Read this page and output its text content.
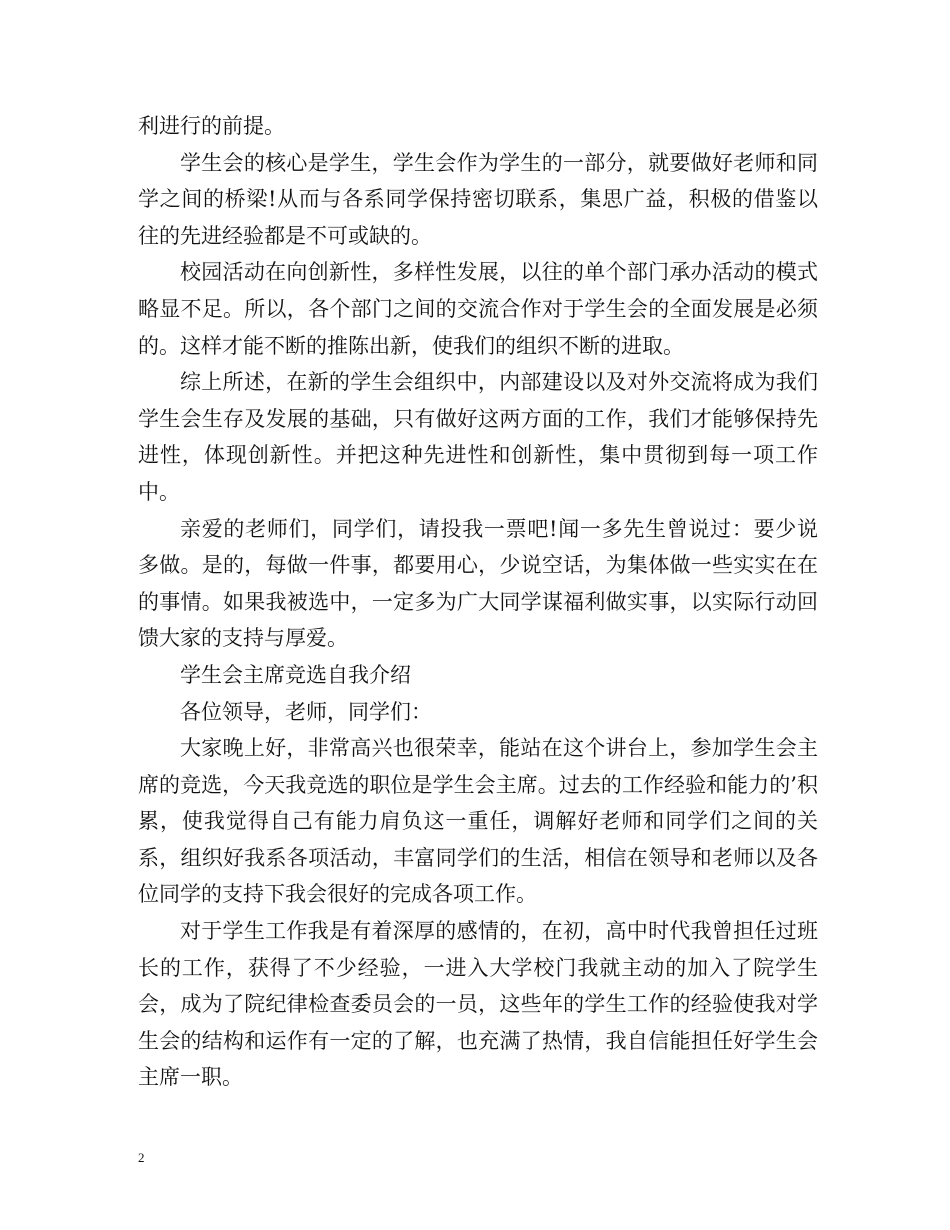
利进行的前提。

学生会的核心是学生，学生会作为学生的一部分，就要做好老师和同学之间的桥梁!从而与各系同学保持密切联系，集思广益，积极的借鉴以往的先进经验都是不可或缺的。

校园活动在向创新性，多样性发展，以往的单个部门承办活动的模式略显不足。所以，各个部门之间的交流合作对于学生会的全面发展是必须的。这样才能不断的推陈出新，使我们的组织不断的进取。

综上所述，在新的学生会组织中，内部建设以及对外交流将成为我们学生会生存及发展的基础，只有做好这两方面的工作，我们才能够保持先进性，体现创新性。并把这种先进性和创新性，集中贯彻到每一项工作中。

亲爱的老师们，同学们，请投我一票吧!闻一多先生曾说过：要少说多做。是的，每做一件事，都要用心，少说空话，为集体做一些实实在在的事情。如果我被选中，一定多为广大同学谋福利做实事，以实际行动回馈大家的支持与厚爱。

学生会主席竞选自我介绍

各位领导，老师，同学们：

大家晚上好，非常高兴也很荣幸，能站在这个讲台上，参加学生会主席的竞选，今天我竞选的职位是学生会主席。过去的工作经验和能力的’积累，使我觉得自己有能力肩负这一重任，调解好老师和同学们之间的关系，组织好我系各项活动，丰富同学们的生活，相信在领导和老师以及各位同学的支持下我会很好的完成各项工作。

对于学生工作我是有着深厚的感情的，在初，高中时代我曾担任过班长的工作，获得了不少经验，一进入大学校门我就主动的加入了院学生会，成为了院纪律检查委员会的一员，这些年的学生工作的经验使我对学生会的结构和运作有一定的了解，也充满了热情，我自信能担任好学生会主席一职。

2
